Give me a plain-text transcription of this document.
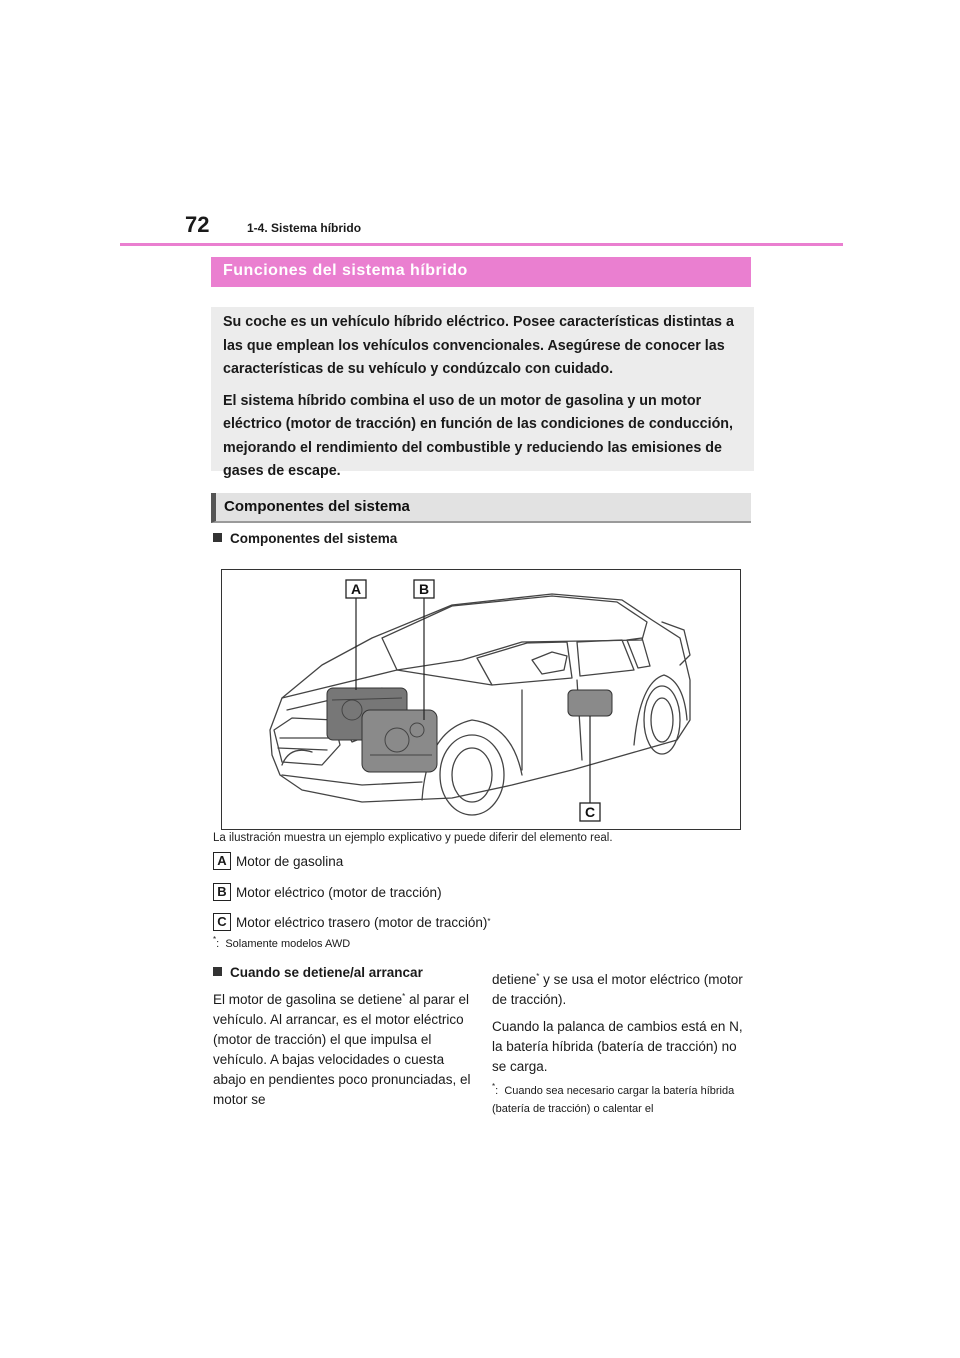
72	1-4. Sistema híbrido
Funciones del sistema híbrido

Su coche es un vehículo híbrido eléctrico. Posee características distintas a las que emplean los vehículos convencionales. Asegúrese de conocer las características de su vehículo y condúzcalo con cuidado.

El sistema híbrido combina el uso de un motor de gasolina y un motor eléctrico (motor de tracción) en función de las condiciones de conducción, mejorando el rendimiento del combustible y reduciendo las emisiones de gases de escape.

Componentes del sistema
Componentes del sistema
A	B
C
La ilustración muestra un ejemplo explicativo y puede diferir del elemento real.
A Motor de gasolina
B Motor eléctrico (motor de tracción)
C Motor eléctrico trasero (motor de tracción) *
*: Solamente modelos AWD
Cuando se detiene/al arrancar

El motor de gasolina se detiene* al parar el vehículo. Al arrancar, es el motor eléctrico (motor de tracción) el que impulsa el vehículo. A bajas velocidades o cuesta abajo en pendientes poco pronunciadas, el motor se

detiene* y se usa el motor eléctrico (motor de tracción).

Cuando la palanca de cambios está en N, la batería híbrida (batería de tracción) no se carga.

*: Cuando sea necesario cargar la batería híbrida (batería de tracción) o calentar el
